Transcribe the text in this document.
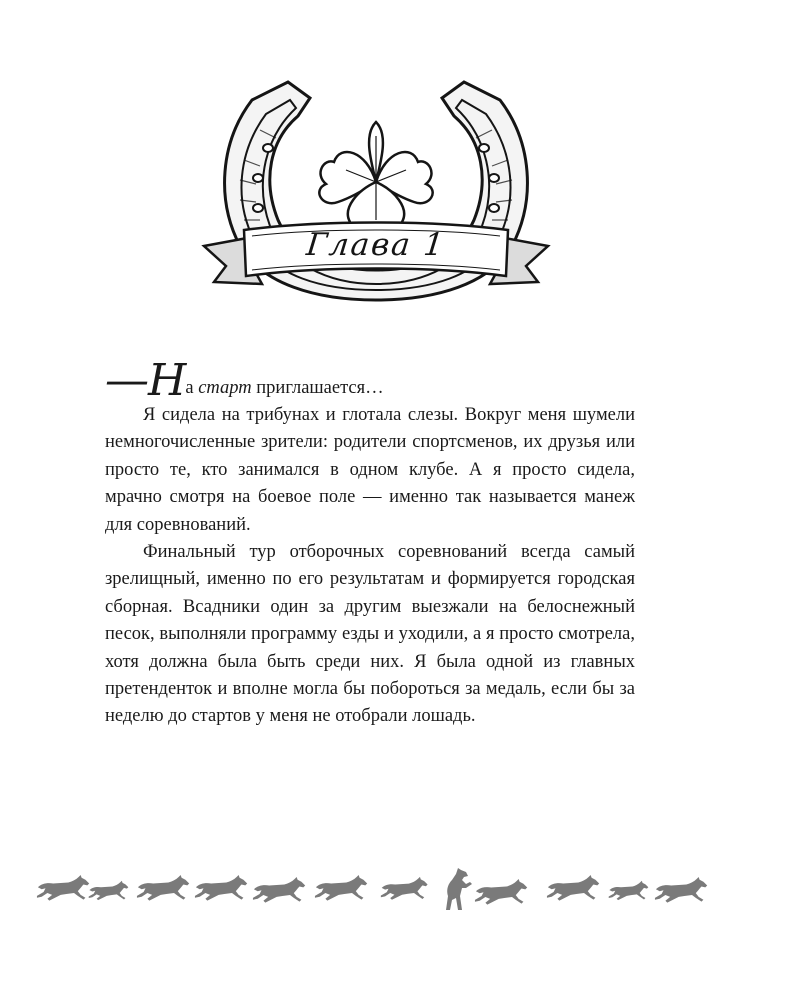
Глава 1

—На старт приглашается…

Я сидела на трибунах и глотала слезы. Вокруг меня шумели немногочисленные зрители: родители спортсменов, их друзья или просто те, кто занимался в одном клубе. А я просто сидела, мрачно смотря на боевое поле — именно так называется манеж для соревнований.

Финальный тур отборочных соревнований всегда самый зрелищный, именно по его результатам и формируется городская сборная. Всадники один за другим выезжали на белоснежный песок, выполняли программу езды и уходили, а я просто смотрела, хотя должна была быть среди них. Я была одной из главных претенденток и вполне могла бы побороться за медаль, если бы за неделю до стартов у меня не отобрали лошадь.
